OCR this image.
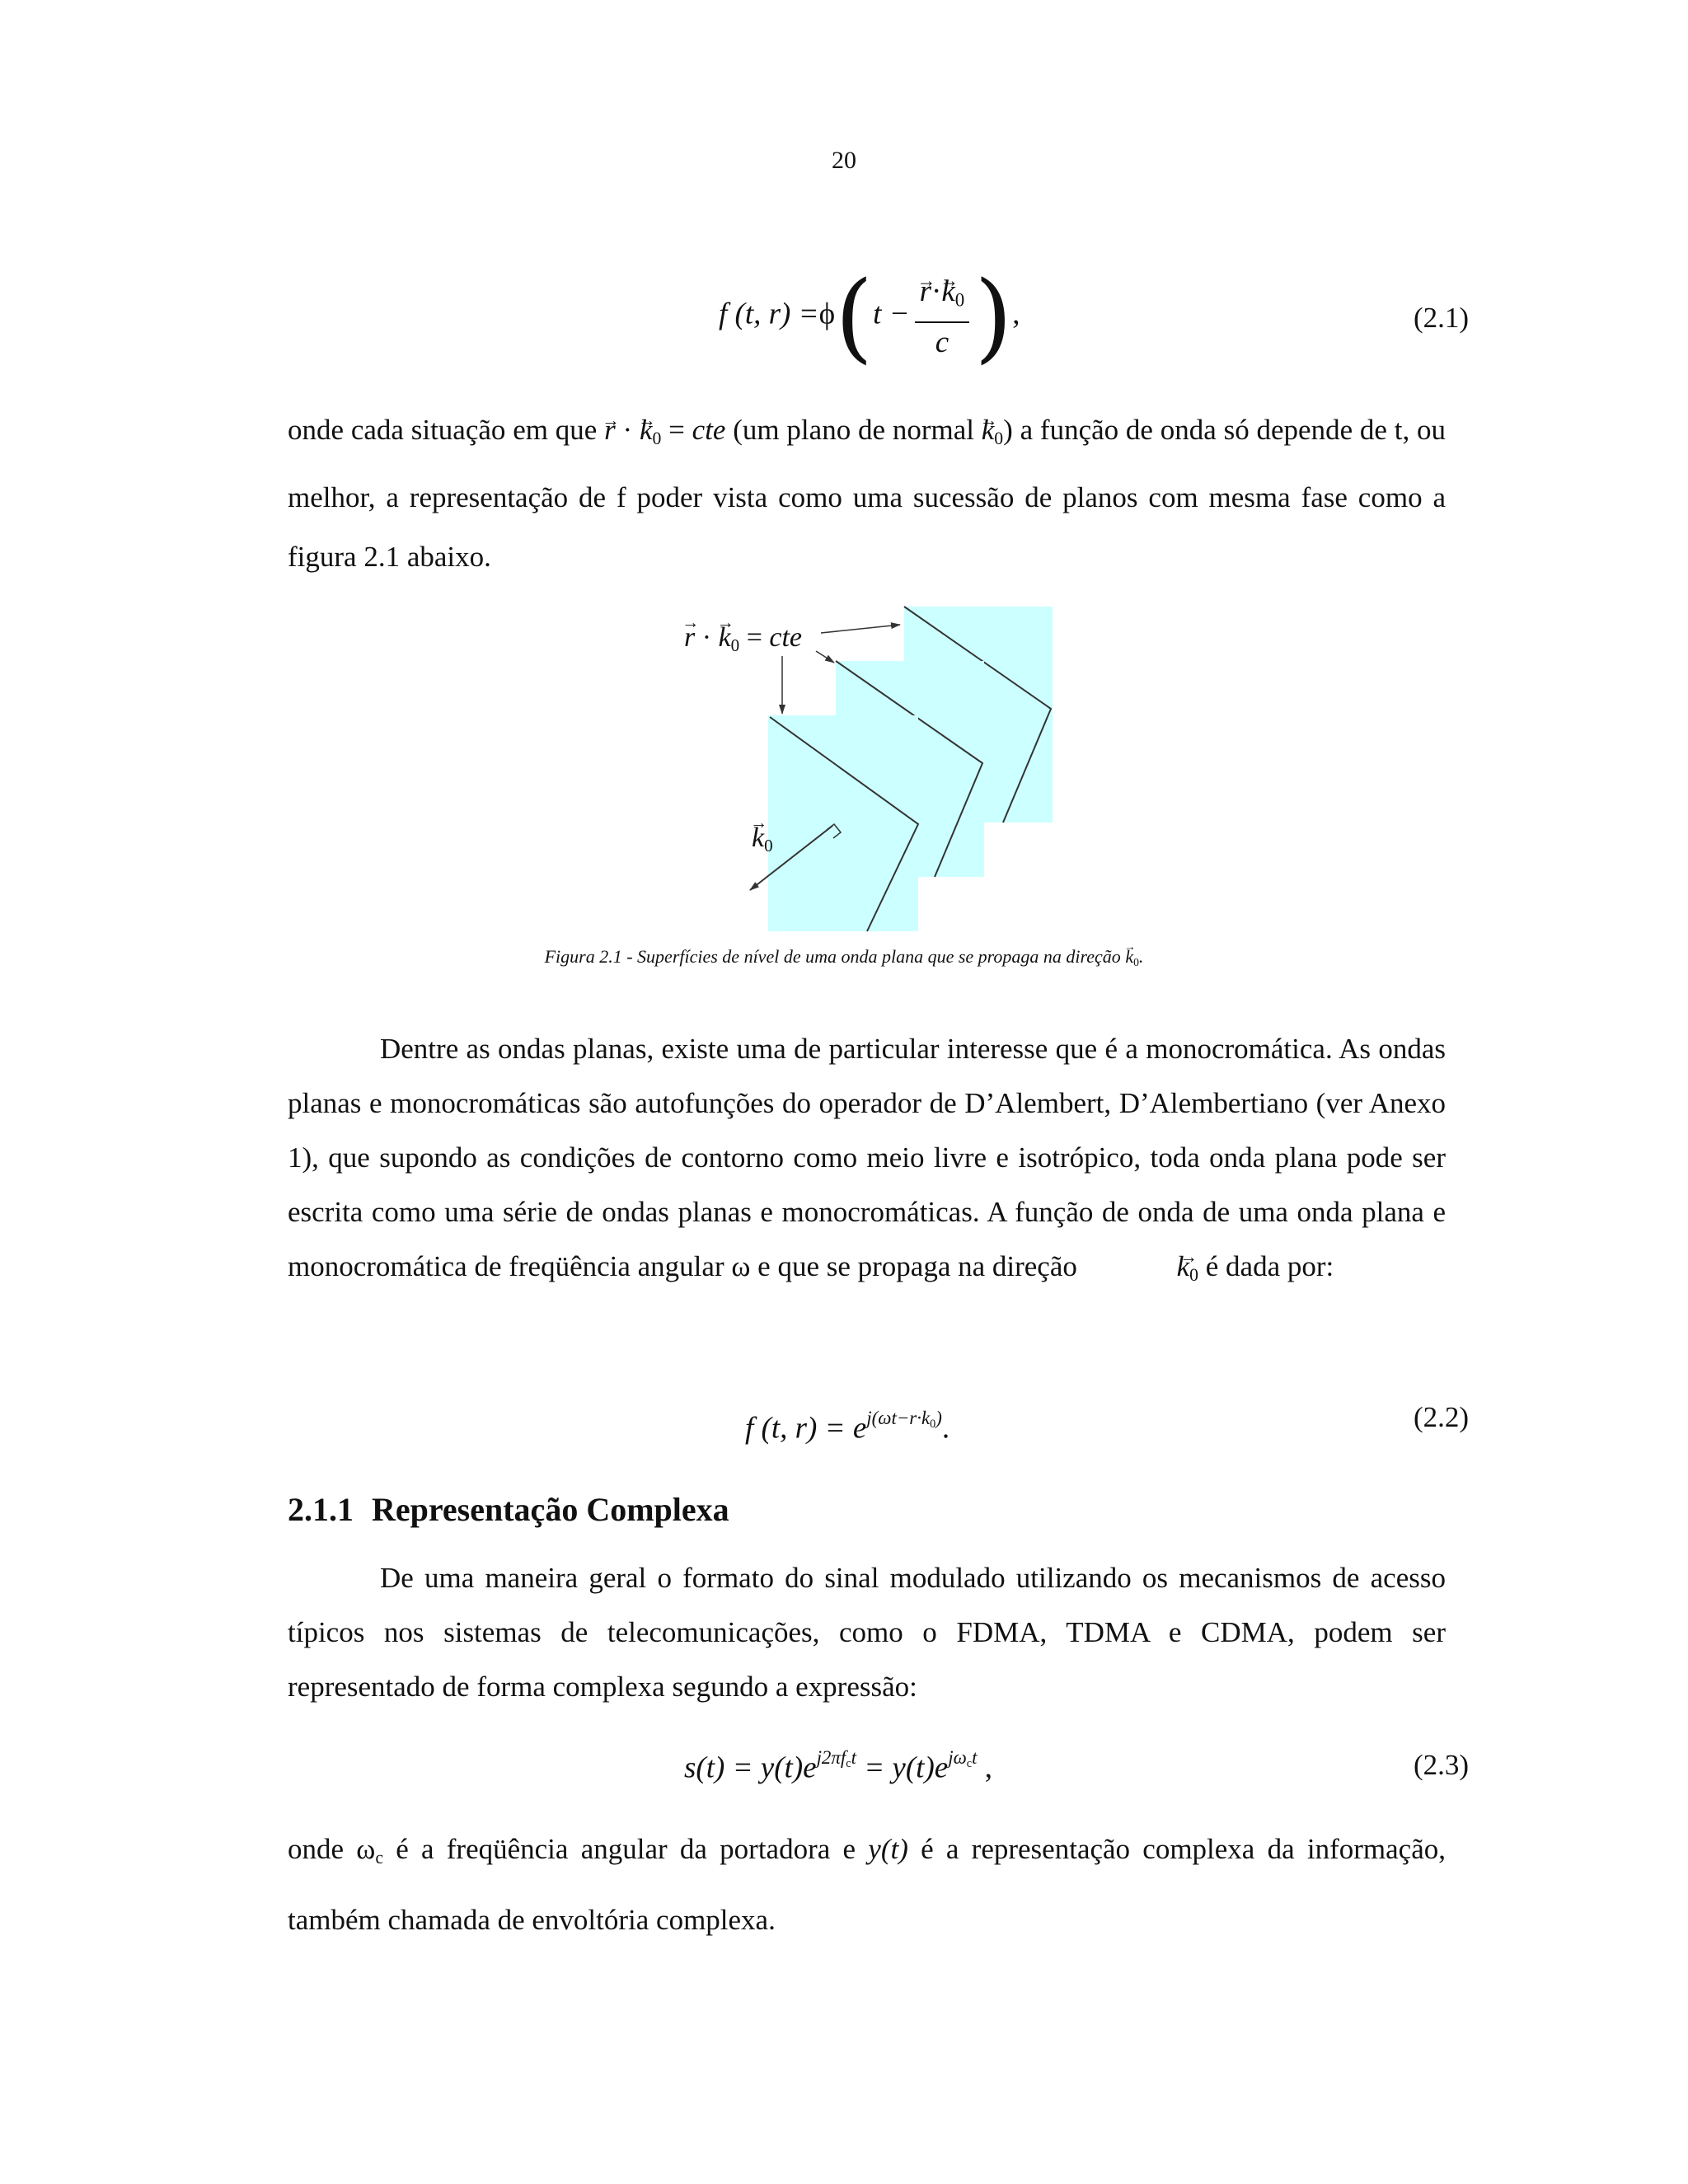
20
f (t, r) =ϕ(t − → $\frac{r\cdot\to k_0}{c}$ ),	(2.1)
onde cada situação em que → r · → $k_0$ = cte (um plano de normal → $k_0$) a função de onda só depende de t, ou melhor, a representação de f poder vista como uma sucessão de planos com mesma fase como a figura 2.1 abaixo.
→ r · → $k_0$ = cte
→ $k_0$
Figura 2.1 - Superfícies de nível de uma onda plana que se propaga na direção → $k_0$.
Dentre as ondas planas, existe uma de particular interesse que é a monocromática. As ondas planas e monocromáticas são autofunções do operador de D’Alembert, D’Alembertiano (ver Anexo 1), que supondo as condições de contorno como meio livre e isotrópico, toda onda plana pode ser escrita como uma série de ondas planas e monocromáticas. A função de onda de uma onda plana e monocromática de freqüência angular ω e que se propaga na direção	→ $k_0$ é dada por:
f (t, $r) = e^{j(\omega t-r\cdot k_0)}$.	(2.2)
2.1.1 Representação Complexa
De uma maneira geral o formato do sinal modulado utilizando os mecanismos de acesso típicos nos sistemas de telecomunicações, como o FDMA, TDMA e CDMA, podem ser representado de forma complexa segundo a expressão:
$s(t) = y(t)e^{j2\pi f_ct} = y(t)e^{j\omega_ct}$ ,	(2.3)
onde $\omega_c$ é a freqüência angular da portadora e y(t) é a representação complexa da informação, também chamada de envoltória complexa.
